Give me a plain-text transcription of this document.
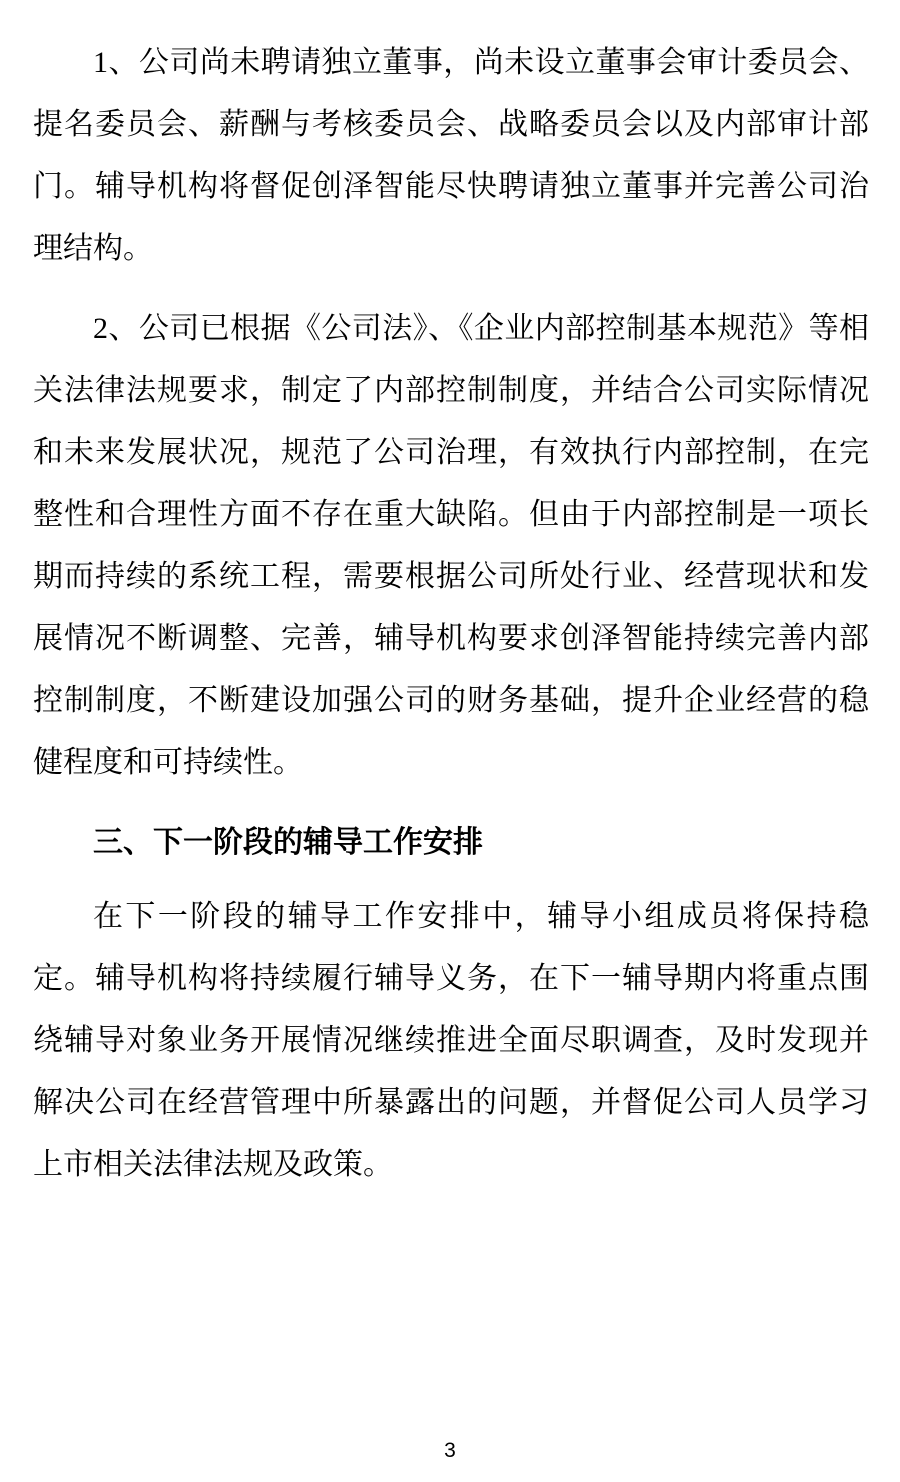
1、公司尚未聘请独立董事，尚未设立董事会审计委员会、提名委员会、薪酬与考核委员会、战略委员会以及内部审计部门。辅导机构将督促创泽智能尽快聘请独立董事并完善公司治理结构。

2、公司已根据《公司法》、《企业内部控制基本规范》等相关法律法规要求，制定了内部控制制度，并结合公司实际情况和未来发展状况，规范了公司治理，有效执行内部控制，在完整性和合理性方面不存在重大缺陷。但由于内部控制是一项长期而持续的系统工程，需要根据公司所处行业、经营现状和发展情况不断调整、完善，辅导机构要求创泽智能持续完善内部控制制度，不断建设加强公司的财务基础，提升企业经营的稳健程度和可持续性。

三、下一阶段的辅导工作安排

在下一阶段的辅导工作安排中，辅导小组成员将保持稳定。辅导机构将持续履行辅导义务，在下一辅导期内将重点围绕辅导对象业务开展情况继续推进全面尽职调查，及时发现并解决公司在经营管理中所暴露出的问题，并督促公司人员学习上市相关法律法规及政策。

3
